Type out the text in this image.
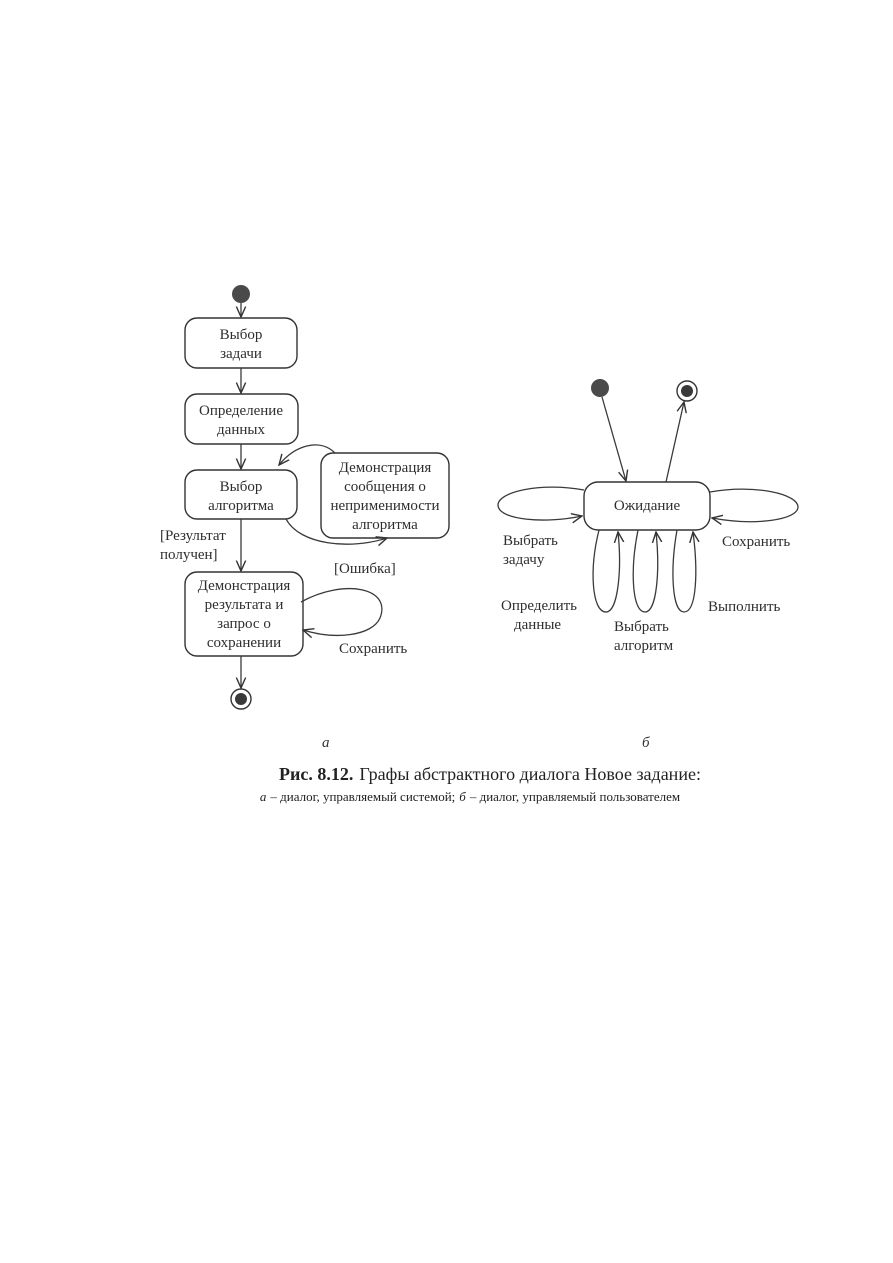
Выбор
задачи
Определение
данных
Выбор
алгоритма
Демонстрация
сообщения о
неприменимости
алгоритма
[Ошибка]
[Результат
получен]
Демонстрация
результата и
запрос о
сохранении	Сохранить
а
Ожидание
Выбрать
задачу
Сохранить
Определить
данные	Выбрать
алгоритм
Выполнить
б
Рис. 8.12. Графы абстрактного диалога Новое задание:
а – диалог, управляемый системой; б – диалог, управляемый пользователем
